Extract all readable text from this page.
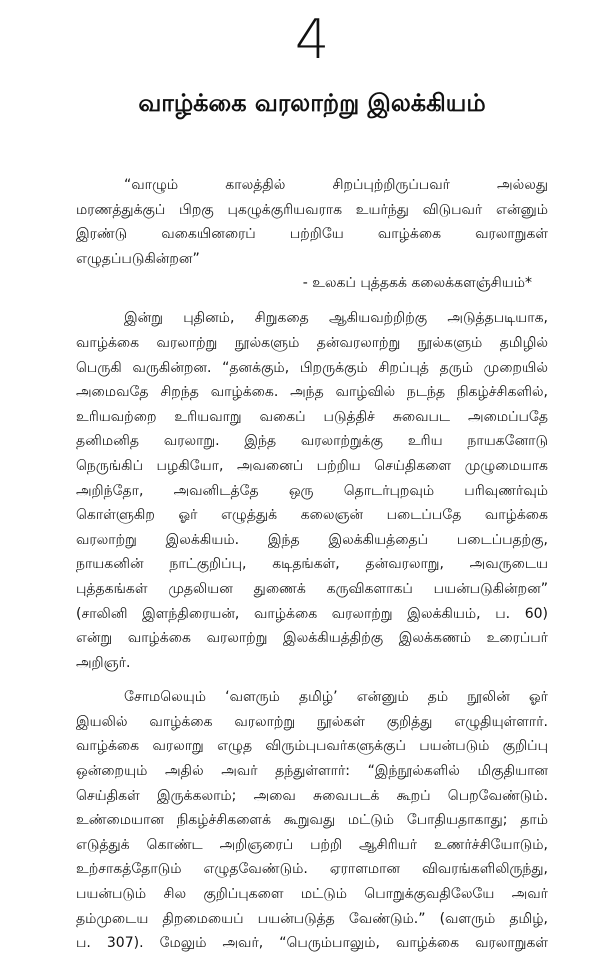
4
வாழ்க்கை வரலாற்று இலக்கியம்
“வாழும் காலத்தில் சிறப்புற்றிருப்பவர் அல்லது
மரணத்துக்குப் பிறகு புகழுக்குரியவராக உயர்ந்து விடுபவர் என்னும்
இரண்டு வகையினரைப் பற்றியே வாழ்க்கை வரலாறுகள்
எழுதப்படுகின்றன”
- உலகப் புத்தகக் கலைக்களஞ்சியம்*
இன்று புதினம், சிறுகதை ஆகியவற்றிற்கு அடுத்தபடியாக,
வாழ்க்கை வரலாற்று நூல்களும் தன்வரலாற்று நூல்களும் தமிழில்
பெருகி வருகின்றன. “தனக்கும், பிறருக்கும் சிறப்புத் தரும் முறையில்
அமைவதே சிறந்த வாழ்க்கை. அந்த வாழ்வில் நடந்த நிகழ்ச்சிகளில்,
உரியவற்றை உரியவாறு வகைப் படுத்திச் சுவைபட அமைப்பதே
தனிமனித வரலாறு. இந்த வரலாற்றுக்கு உரிய நாயகனோடு
நெருங்கிப் பழகியோ, அவனைப் பற்றிய செய்திகளை முழுமையாக
அறிந்தோ, அவனிடத்தே ஒரு தொடர்புறவும் பரிவுணர்வும்
கொள்ளுகிற ஓர் எழுத்துக் கலைஞன் படைப்பதே வாழ்க்கை
வரலாற்று இலக்கியம். இந்த இலக்கியத்தைப் படைப்பதற்கு,
நாயகனின் நாட்குறிப்பு, கடிதங்கள், தன்வரலாறு, அவருடைய
புத்தகங்கள் முதலியன துணைக் கருவிகளாகப் பயன்படுகின்றன”
(சாலினி இளந்திரையன், வாழ்க்கை வரலாற்று இலக்கியம், ப. 60)
என்று வாழ்க்கை வரலாற்று இலக்கியத்திற்கு இலக்கணம் உரைப்பர்
அறிஞர்.
சோமலெயும் ‘வளரும் தமிழ்’ என்னும் தம் நூலின் ஓர்
இயலில் வாழ்க்கை வரலாற்று நூல்கள் குறித்து எழுதியுள்ளார்.
வாழ்க்கை வரலாறு எழுத விரும்புபவர்களுக்குப் பயன்படும் குறிப்பு
ஒன்றையும் அதில் அவர் தந்துள்ளார்: “இந்நூல்களில் மிகுதியான
செய்திகள் இருக்கலாம்; அவை சுவைபடக் கூறப் பெறவேண்டும்.
உண்மையான நிகழ்ச்சிகளைக் கூறுவது மட்டும் போதியதாகாது; தாம்
எடுத்துக் கொண்ட அறிஞரைப் பற்றி ஆசிரியர் உணர்ச்சியோடும்,
உற்சாகத்தோடும் எழுதவேண்டும். ஏராளமான விவரங்களிலிருந்து,
பயன்படும் சில குறிப்புகளை மட்டும் பொறுக்குவதிலேயே அவர்
தம்முடைய திறமையைப் பயன்படுத்த வேண்டும்.” (வளரும் தமிழ்,
ப. 307). மேலும் அவர், “பெரும்பாலும், வாழ்க்கை வரலாறுகள்
